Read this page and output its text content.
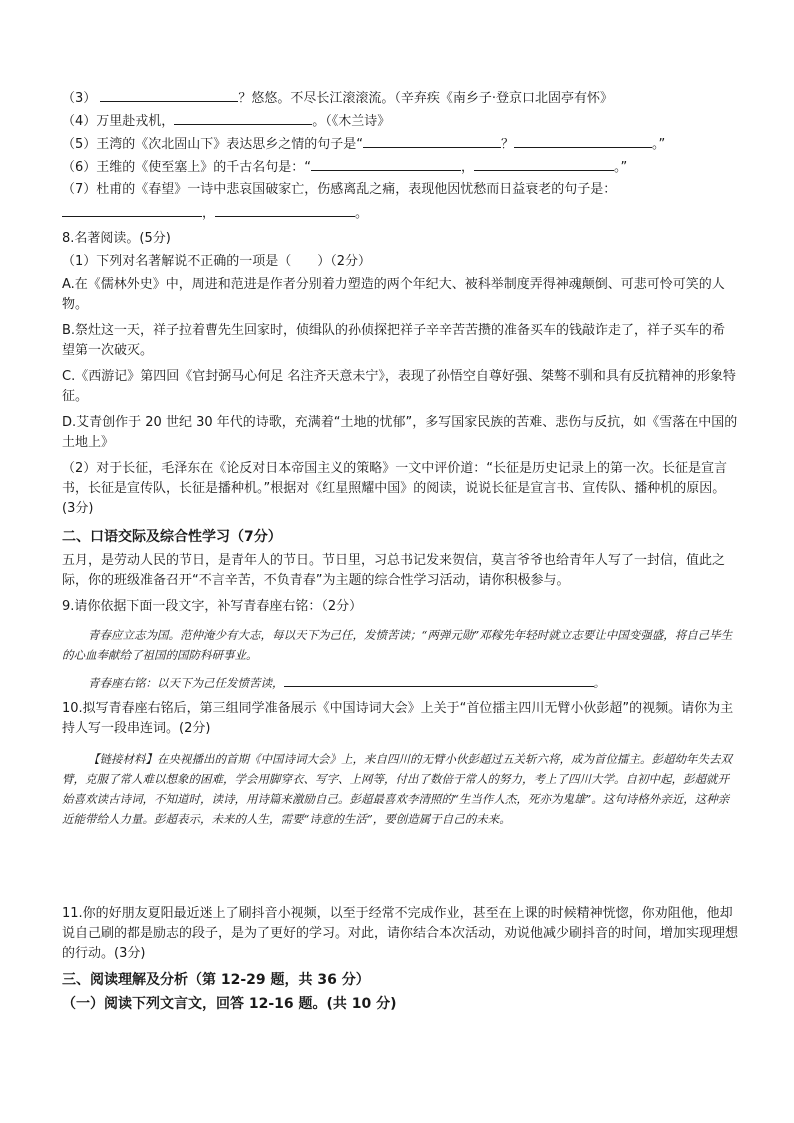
（3）	？悠悠。不尽长江滚滚流。（辛弃疾《南乡子·登京口北固亭有怀》
（4）万里赴戎机，	。（《木兰诗》
（5）王湾的《次北固山下》表达思乡之情的句子是“	？	。”
（6）王维的《使至塞上》的千古名句是：“	，	。”
（7）杜甫的《春望》一诗中悲哀国破家亡，伤感离乱之痛，表现他因忧愁而日益衰老的句子是：
，	。
8.名著阅读。(5分)
（1）下列对名著解说不正确的一项是（　　）（2分）
A.在《儒林外史》中，周进和范进是作者分别着力塑造的两个年纪大、被科举制度弄得神魂颠倒、可悲可怜可笑的人物。
B.祭灶这一天，祥子拉着曹先生回家时，侦缉队的孙侦探把祥子辛辛苦苦攒的准备买车的钱敲诈走了，祥子买车的希望第一次破灭。
C.《西游记》第四回《官封弼马心何足 名注齐天意未宁》，表现了孙悟空自尊好强、桀骜不驯和具有反抗精神的形象特征。
D.艾青创作于 20 世纪 30 年代的诗歌，充满着“土地的忧郁”，多写国家民族的苦难、悲伤与反抗，如《雪落在中国的土地上》
（2）对于长征，毛泽东在《论反对日本帝国主义的策略》一文中评价道：“长征是历史记录上的第一次。长征是宣言书，长征是宣传队，长征是播种机。”根据对《红星照耀中国》的阅读，说说长征是宣言书、宣传队、播种机的原因。(3分)
二、口语交际及综合性学习（7分）
五月，是劳动人民的节日，是青年人的节日。节日里，习总书记发来贺信，莫言爷爷也给青年人写了一封信，值此之际，你的班级准备召开“不言辛苦，不负青春”为主题的综合性学习活动，请你积极参与。
9.请你依据下面一段文字，补写青春座右铭：（2分）
青春应立志为国。范仲淹少有大志，每以天下为己任，发愤苦读；“两弹元勋”邓稼先年轻时就立志要让中国变强盛，将自己毕生的心血奉献给了祖国的国防科研事业。
青春座右铭：以天下为己任发愤苦读，	。
10.拟写青春座右铭后，第三组同学准备展示《中国诗词大会》上关于“首位擂主四川无臂小伙彭超”的视频。请你为主持人写一段串连词。(2分)
【链接材料】在央视播出的首期《中国诗词大会》上，来自四川的无臂小伙彭超过五关斩六将，成为首位擂主。彭超幼年失去双臂，克服了常人难以想象的困难，学会用脚穿衣、写字、上网等，付出了数倍于常人的努力，考上了四川大学。自初中起，彭超就开始喜欢读古诗词，不知道时，读诗，用诗篇来激励自己。彭超最喜欢李清照的“生当作人杰，死亦为鬼雄”。这句诗格外亲近，这种亲近能带给人力量。彭超表示，未来的人生，需要“诗意的生活”，要创造属于自己的未来。
11.你的好朋友夏阳最近迷上了刷抖音小视频，以至于经常不完成作业，甚至在上课的时候精神恍惚，你劝阻他，他却说自己刷的都是励志的段子，是为了更好的学习。对此，请你结合本次活动，劝说他减少刷抖音的时间，增加实现理想的行动。(3分)
三、阅读理解及分析（第 12-29 题，共 36 分）
（一）阅读下列文言文，回答 12-16 题。(共 10 分)
